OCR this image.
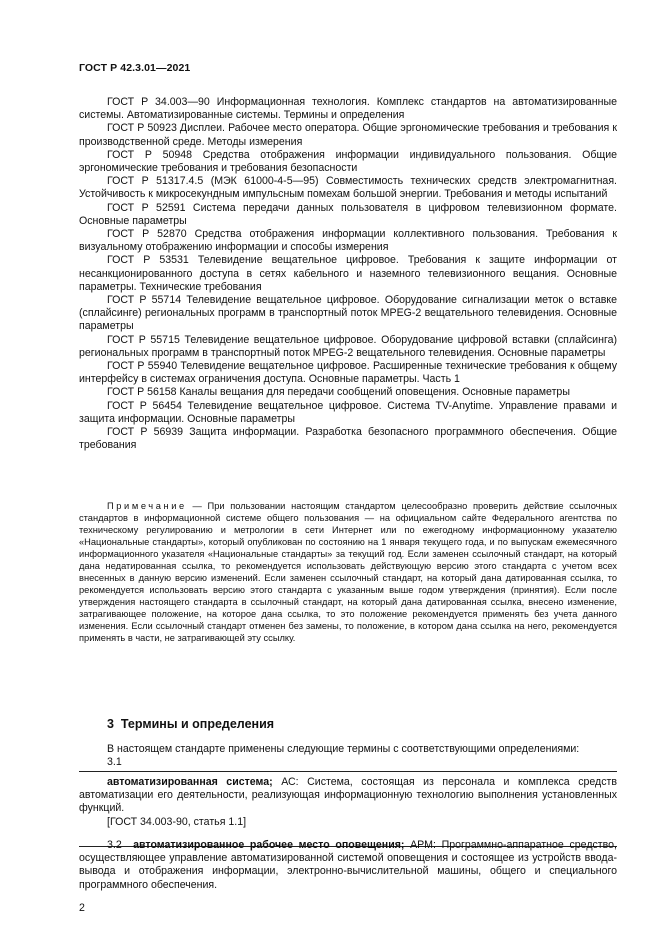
ГОСТ Р 42.3.01—2021

ГОСТ Р 34.003—90 Информационная технология. Комплекс стандартов на автоматизированные системы. Автоматизированные системы. Термины и определения

ГОСТ Р 50923 Дисплеи. Рабочее место оператора. Общие эргономические требования и требования к производственной среде. Методы измерения

ГОСТ Р 50948 Средства отображения информации индивидуального пользования. Общие эргономические требования и требования безопасности

ГОСТ Р 51317.4.5 (МЭК 61000-4-5—95) Совместимость технических средств электромагнитная. Устойчивость к микросекундным импульсным помехам большой энергии. Требования и методы испытаний

ГОСТ Р 52591 Система передачи данных пользователя в цифровом телевизионном формате. Основные параметры

ГОСТ Р 52870 Средства отображения информации коллективного пользования. Требования к визуальному отображению информации и способы измерения

ГОСТ Р 53531 Телевидение вещательное цифровое. Требования к защите информации от несанкционированного доступа в сетях кабельного и наземного телевизионного вещания. Основные параметры. Технические требования

ГОСТ Р 55714 Телевидение вещательное цифровое. Оборудование сигнализации меток о вставке (сплайсинге) региональных программ в транспортный поток MPEG-2 вещательного телевидения. Основные параметры

ГОСТ Р 55715 Телевидение вещательное цифровое. Оборудование цифровой вставки (сплайсинга) региональных программ в транспортный поток MPEG-2 вещательного телевидения. Основные параметры

ГОСТ Р 55940 Телевидение вещательное цифровое. Расширенные технические требования к общему интерфейсу в системах ограничения доступа. Основные параметры. Часть 1

ГОСТ Р 56158 Каналы вещания для передачи сообщений оповещения. Основные параметры

ГОСТ Р 56454 Телевидение вещательное цифровое. Система TV-Anytime. Управление правами и защита информации. Основные параметры

ГОСТ Р 56939 Защита информации. Разработка безопасного программного обеспечения. Общие требования

Примечание — При пользовании настоящим стандартом целесообразно проверить действие ссылочных стандартов в информационной системе общего пользования — на официальном сайте Федерального агентства по техническому регулированию и метрологии в сети Интернет или по ежегодному информационному указателю «Национальные стандарты», который опубликован по состоянию на 1 января текущего года, и по выпускам ежемесячного информационного указателя «Национальные стандарты» за текущий год. Если заменен ссылочный стандарт, на который дана недатированная ссылка, то рекомендуется использовать действующую версию этого стандарта с учетом всех внесенных в данную версию изменений. Если заменен ссылочный стандарт, на который дана датированная ссылка, то рекомендуется использовать версию этого стандарта с указанным выше годом утверждения (принятия). Если после утверждения настоящего стандарта в ссылочный стандарт, на который дана датированная ссылка, внесено изменение, затрагивающее положение, на которое дана ссылка, то это положение рекомендуется применять без учета данного изменения. Если ссылочный стандарт отменен без замены, то положение, в котором дана ссылка на него, рекомендуется применять в части, не затрагивающей эту ссылку.

3 Термины и определения

В настоящем стандарте применены следующие термины с соответствующими определениями:

3.1

автоматизированная система; АС: Система, состоящая из персонала и комплекса средств автоматизации его деятельности, реализующая информационную технологию выполнения установленных функций.

[ГОСТ 34.003-90, статья 1.1]

3.2 автоматизированное рабочее место оповещения; АРМ: Программно-аппаратное средство, осуществляющее управление автоматизированной системой оповещения и состоящее из устройств ввода-вывода и отображения информации, электронно-вычислительной машины, общего и специального программного обеспечения.

2
